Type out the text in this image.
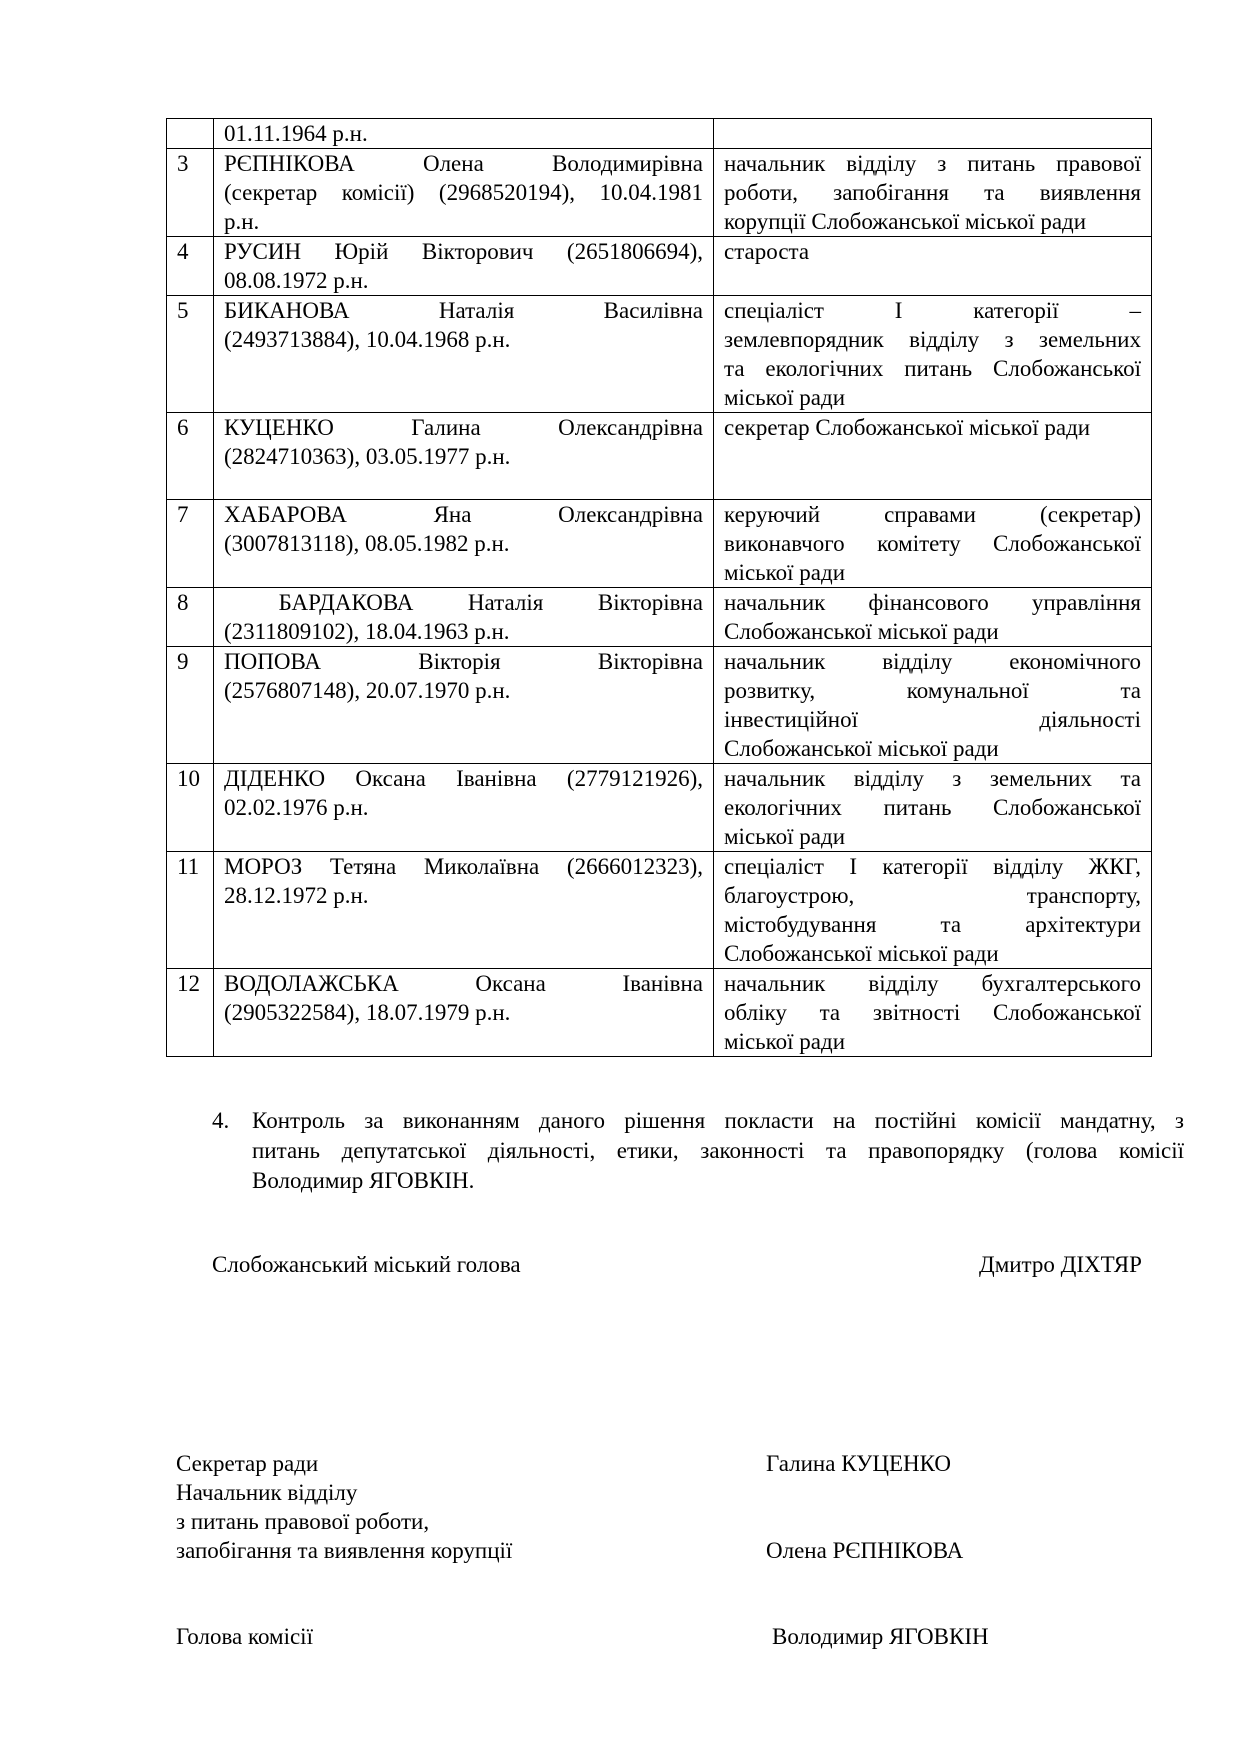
	01.11.1964 р.н.	

3	РЄПНІКОВА Олена Володимирівна
(секретар комісії) (2968520194), 10.04.1981
р.н.	начальник відділу з питань правової
роботи, запобігання та виявлення
корупції Слобожанської міської ради

4	РУСИН Юрій Вікторович (2651806694),
08.08.1972 р.н.	староста

5	БИКАНОВА Наталія Василівна
(2493713884), 10.04.1968 р.н.	спеціаліст І категорії –
землевпорядник відділу з земельних
та екологічних питань Слобожанської
міської ради

6	КУЦЕНКО Галина Олександрівна
(2824710363), 03.05.1977 р.н.	секретар Слобожанської міської ради

7	ХАБАРОВА Яна Олександрівна
(3007813118), 08.05.1982 р.н.	керуючий справами (секретар)
виконавчого комітету Слобожанської
міської ради

8	БАРДАКОВА Наталія Вікторівна
(2311809102), 18.04.1963 р.н.	начальник фінансового управління
Слобожанської міської ради

9	ПОПОВА Вікторія Вікторівна
(2576807148), 20.07.1970 р.н.	начальник відділу економічного
розвитку, комунальної та
інвестиційної діяльності
Слобожанської міської ради

10	ДІДЕНКО Оксана Іванівна (2779121926),
02.02.1976 р.н.	начальник відділу з земельних та
екологічних питань Слобожанської
міської ради

11	МОРОЗ Тетяна Миколаївна (2666012323),
28.12.1972 р.н.	спеціаліст І категорії відділу ЖКГ,
благоустрою, транспорту,
містобудування та архітектури
Слобожанської міської ради

12	ВОДОЛАЖСЬКА Оксана Іванівна
(2905322584), 18.07.1979 р.н.	начальник відділу бухгалтерського
обліку та звітності Слобожанської
міської ради
4. Контроль за виконанням даного рішення покласти на постійні комісії мандатну, з
питань депутатської діяльності, етики, законності та правопорядку (голова комісії
Володимир ЯГОВКІН.
Слобожанський міський голова	Дмитро ДІХТЯР
Секретар ради	Галина КУЦЕНКО
Начальник відділу
з питань правової роботи,
запобігання та виявлення корупції	Олена РЄПНІКОВА
Голова комісії	Володимир ЯГОВКІН
